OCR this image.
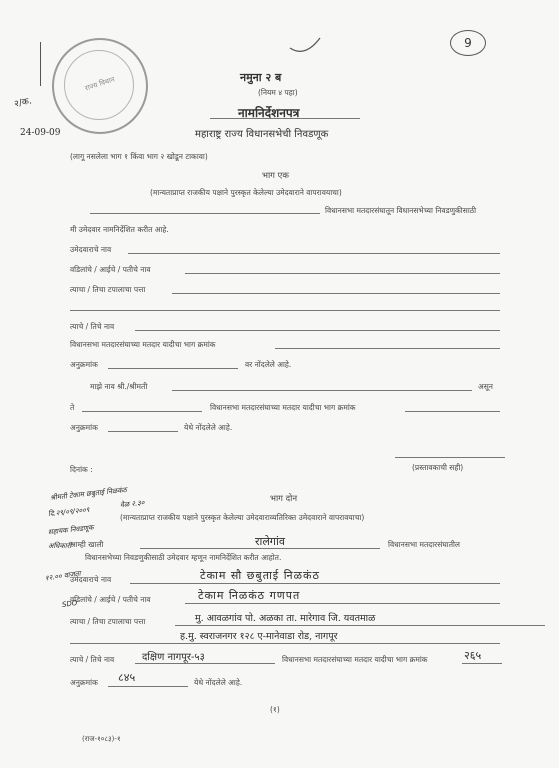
राज्य विधान
२/क.
24-09-09
9
नमुना २ ब
(नियम ४ पहा)
नामनिर्देशनपत्र
महाराष्ट्र राज्य विधानसभेची निवडणूक
(लागू नसलेला भाग १ किंवा भाग २ खोडून टाकावा)
भाग एक
(मान्यताप्राप्त राजकीय पक्षाने पुरस्कृत केलेल्या उमेदवाराने वापरावयाचा)
विधानसभा मतदारसंघातून विधानसभेच्या निवडणुकीसाठी
मी उमेदवार नामनिर्देशित करीत आहे.
उमेदवाराचे नाव
वडिलांचे / आईचे / पतीचे नाव
त्याचा / तिचा टपालाचा पत्ता
त्याचे / तिचे नाव
विधानसभा मतदारसंघाच्या मतदार यादीचा भाग क्रमांक
अनुक्रमांक	वर नोंदलेले आहे.
माझे नाव श्री./श्रीमती	असून
ते	विधानसभा मतदारसंघाच्या मतदार यादीचा भाग क्रमांक
अनुक्रमांक	येथे नोंदलेले आहे.
दिनांक :	(प्रस्तावकाची सही)
श्रीमती टेकाम छबुताई निळकंठ
दि.२९/०९/२००९
वेळ २.३०
सहायक निवडणूक
अधिकारी
१२.०० वाजता
SDO
भाग दोन
(मान्यताप्राप्त राजकीय पक्षाने पुरस्कृत केलेल्या उमेदवाराव्यतिरिक्त उमेदवाराने वापरावयाचा)
आम्ही खाली	रालेगांव	विधानसभा मतदारसंघातील
विधानसभेच्या निवडणुकीसाठी उमेदवार म्हणून नामनिर्देशित करीत आहोत.
उमेदवाराचे नाव	टेकाम सौ छबुताई निळकंठ
वडिलांचे / आईचे / पतीचे नाव	टेकाम निळकंठ गणपत
त्याचा / तिचा टपालाचा पत्ता	मु. आवळगांव पो. अळका ता. मारेगाव जि. यवतमाळ
ह.मु. स्वराजनगर १२८ ए-मानेवाडा रोड, नागपूर
त्याचे / तिचे नाव	दक्षिण नागपूर-५३	विधानसभा मतदारसंघाच्या मतदार यादीचा भाग क्रमांक	२६५
अनुक्रमांक ८४५	येथे नोंदलेले आहे.
(१)
(राज-१०८३)-१
